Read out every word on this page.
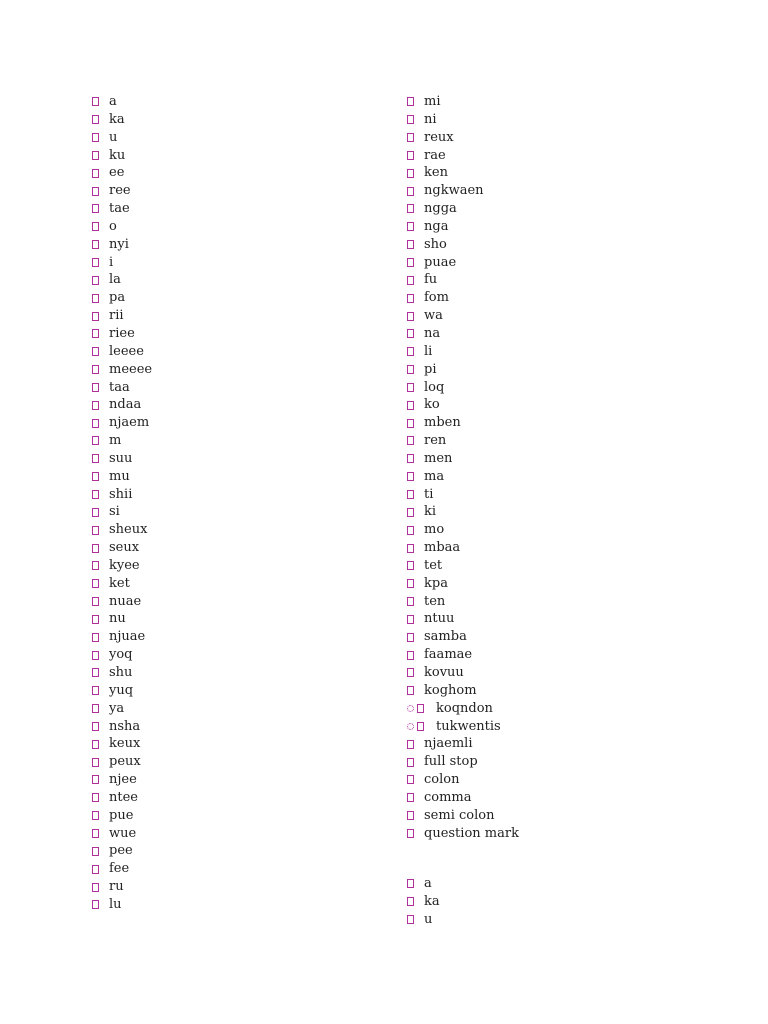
a
ka
u
ku
ee
ree
tae
o
nyi
i
la
pa
rii
riee
leeee
meeee
taa
ndaa
njaem
m
suu
mu
shii
si
sheux
seux
kyee
ket
nuae
nu
njuae
yoq
shu
yuq
ya
nsha
keux
peux
njee
ntee
pue
wue
pee
fee
ru
lu
mi
ni
reux
rae
ken
ngkwaen
ngga
nga
sho
puae
fu
fom
wa
na
li
pi
loq
ko
mben
ren
men
ma
ti
ki
mo
mbaa
tet
kpa
ten
ntuu
samba
faamae
kovuu
koghom
koqndon
tukwentis
njaemli
full stop
colon
comma
semi colon
question mark
a
ka
u
